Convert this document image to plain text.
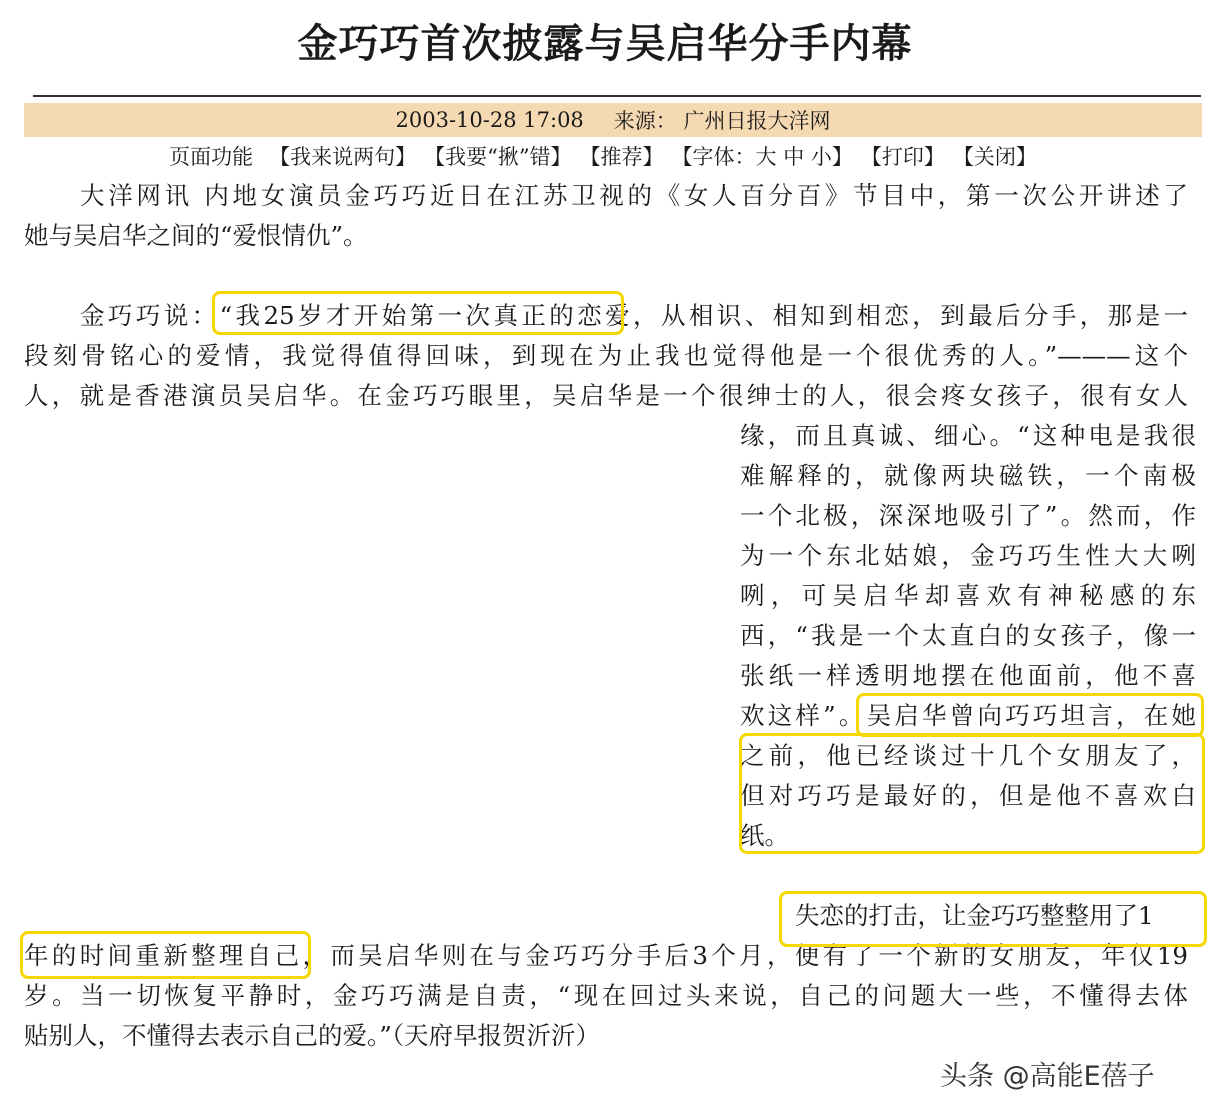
金巧巧首次披露与吴启华分手内幕
2003-10-28 17:08 来源： 广州日报大洋网
页面功能 【我来说两句】 【我要“揪”错】 【推荐】 【字体：大 中 小】 【打印】 【关闭】
大洋网讯 内地女演员金巧巧近日在江苏卫视的《女人百分百》节目中，第一次公开讲述了
她与吴启华之间的“爱恨情仇”。
金巧巧说：“我25岁才开始第一次真正的恋爱，从相识、相知到相恋，到最后分手，那是一
段刻骨铭心的爱情，我觉得值得回味，到现在为止我也觉得他是一个很优秀的人。”———这个
人，就是香港演员吴启华。在金巧巧眼里，吴启华是一个很绅士的人，很会疼女孩子，很有女人
缘，而且真诚、细心。“这种电是我很
难解释的，就像两块磁铁，一个南极
一个北极，深深地吸引了”。然而，作
为一个东北姑娘，金巧巧生性大大咧
咧，可吴启华却喜欢有神秘感的东
西，“我是一个太直白的女孩子，像一
张纸一样透明地摆在他面前，他不喜
欢这样”。吴启华曾向巧巧坦言，在她
之前，他已经谈过十几个女朋友了，
但对巧巧是最好的，但是他不喜欢白
纸。
失恋的打击，让金巧巧整整用了1
年的时间重新整理自己，而吴启华则在与金巧巧分手后3个月，便有了一个新的女朋友，年仅19
岁。当一切恢复平静时，金巧巧满是自责，“现在回过头来说，自己的问题大一些，不懂得去体
贴别人，不懂得去表示自己的爱。”（天府早报贺沂沂）
头条 @高能E蓓子
